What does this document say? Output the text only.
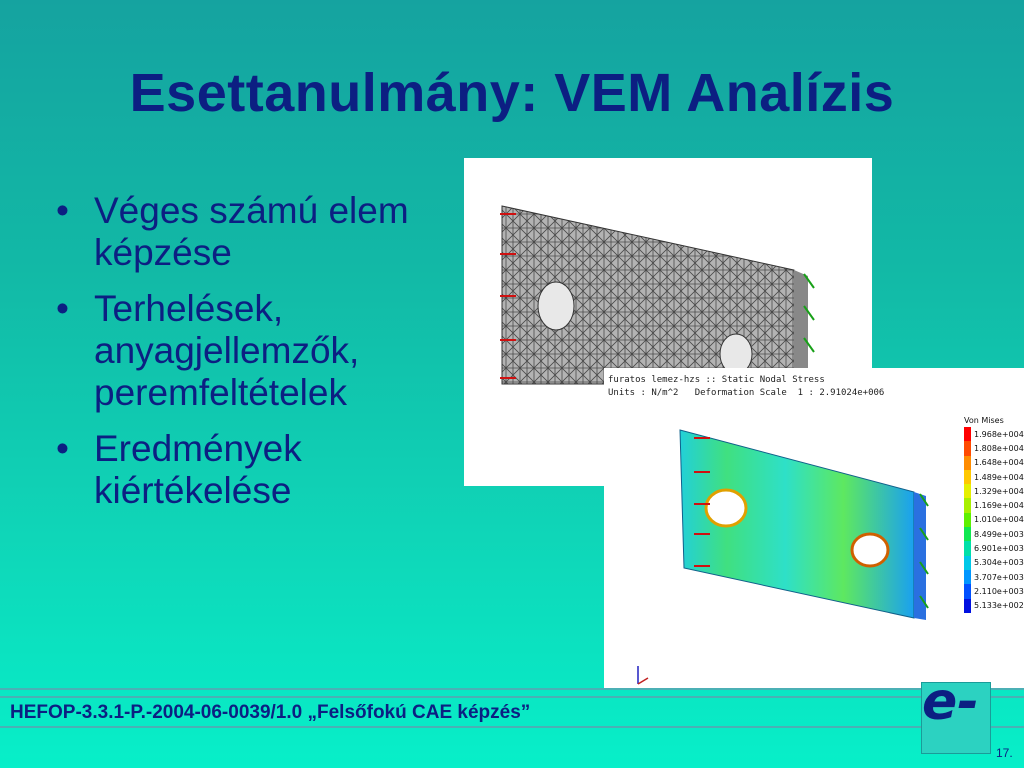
Esettanulmány: VEM Analízis
• Véges számú elem képzése
• Terhelések, anyagjellemzők, peremfeltételek
• Eredmények kiértékelése
furatos lemez-hzs :: Static Nodal Stress
Units : N/m^2   Deformation Scale  1 : 2.91024e+006
Von Mises
1.968e+004
1.808e+004
1.648e+004
1.489e+004
1.329e+004
1.169e+004
1.010e+004
8.499e+003
6.901e+003
5.304e+003
3.707e+003
2.110e+003
5.133e+002
HEFOP-3.3.1-P.-2004-06-0039/1.0 „Felsőfokú CAE képzés”	e-
17.
